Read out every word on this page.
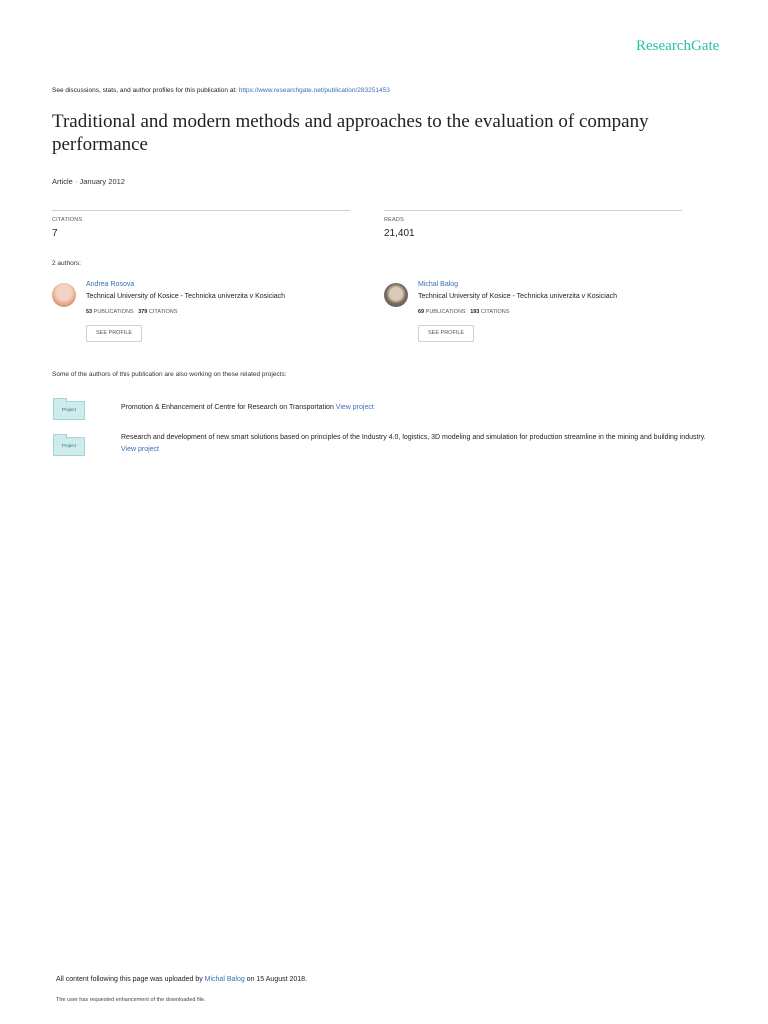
ResearchGate
See discussions, stats, and author profiles for this publication at: https://www.researchgate.net/publication/283251453
Traditional and modern methods and approaches to the evaluation of company performance
Article · January 2012
CITATIONS
7
READS
21,401
2 authors:
Andrea Rosova
Technical University of Kosice - Technicka univerzita v Kosiciach
53 PUBLICATIONS 379 CITATIONS
SEE PROFILE
Michal Balog
Technical University of Kosice - Technicka univerzita v Kosiciach
69 PUBLICATIONS 193 CITATIONS
SEE PROFILE
Some of the authors of this publication are also working on these related projects:
Project	Promotion & Enhancement of Centre for Research on Transportation View project
Project
Research and development of new smart solutions based on principles of the Industry 4.0, logistics, 3D modeling and simulation for production streamline in the mining and building industry. View project
All content following this page was uploaded by Michal Balog on 15 August 2018.
The user has requested enhancement of the downloaded file.
